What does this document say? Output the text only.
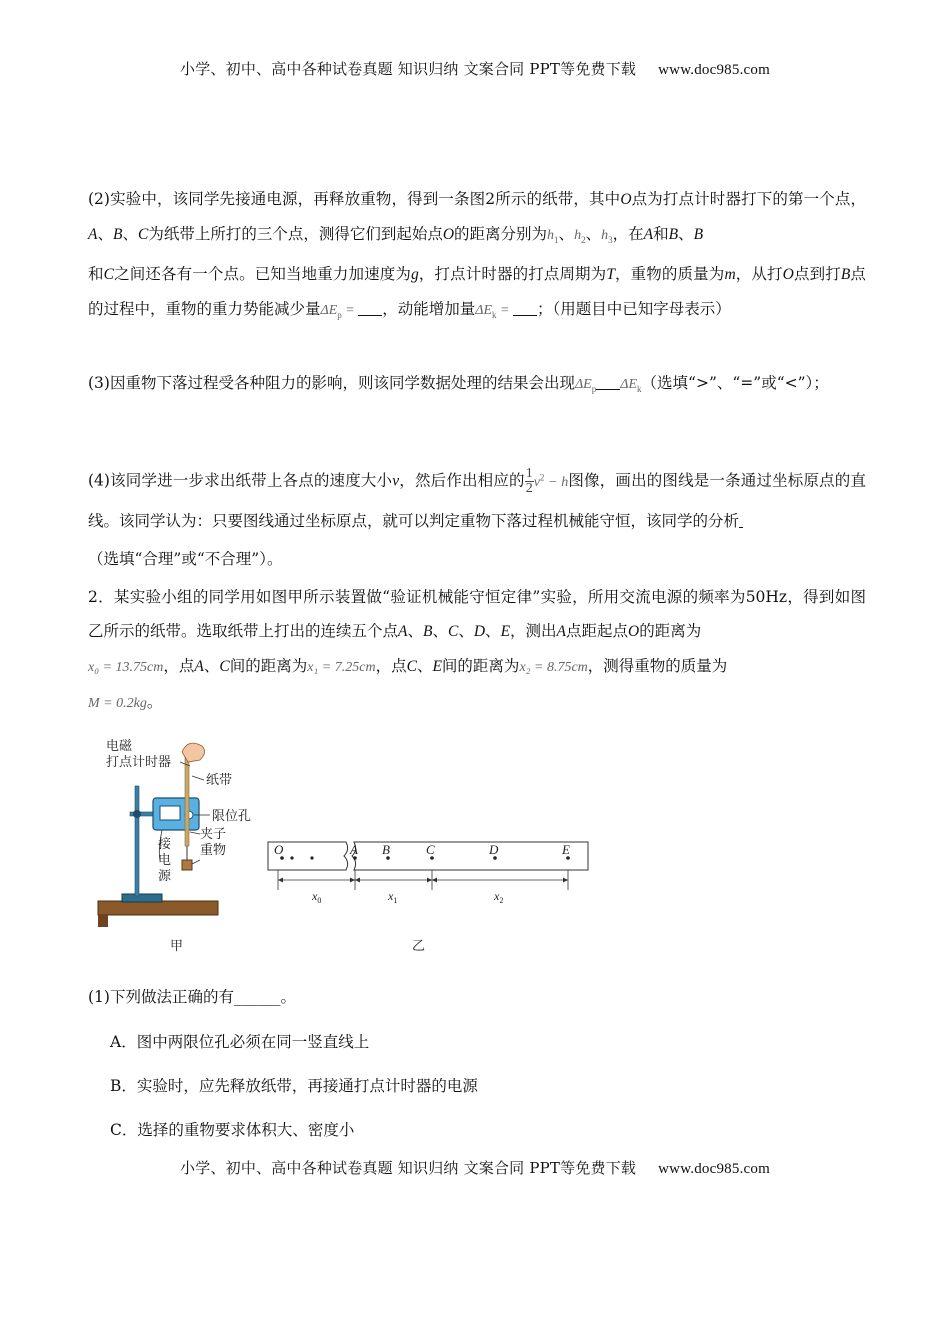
小学、初中、高中各种试卷真题 知识归纳 文案合同 PPT等免费下载 www.doc985.com
(2)实验中，该同学先接通电源，再释放重物，得到一条图2所示的纸带，其中O点为打点计时器打下的第一个点，A、B、C为纸带上所打的三个点，测得它们到起始点O的距离分别为$h_1$、$h_2$、$h_3$，在A和B、B
和C之间还各有一个点。已知当地重力加速度为g，打点计时器的打点周期为T，重物的质量为m，从打O点到打B点的过程中，重物的重力势能减少量$\Delta E_p$ = ，动能增加量$\Delta E_k$ = ；（用题目中已知字母表示）
(3)因重物下落过程受各种阻力的影响，则该同学数据处理的结果会出现$\Delta E_p$ $\Delta E_k$（选填“>”、“=”或“<”）；
(4)该同学进一步求出纸带上各点的速度大小v，然后作出相应的 $\frac{1}{2} v^2 - h$图像，画出的图线是一条通过坐标原点的直线。该同学认为：只要图线通过坐标原点，就可以判定重物下落过程机械能守恒，该同学的分析
（选填“合理”或“不合理”）。
2．某实验小组的同学用如图甲所示装置做“验证机械能守恒定律”实验，所用交流电源的频率为50Hz，得到如图乙所示的纸带。选取纸带上打出的连续五个点A、B、C、D、E，测出A点距起点O的距离为
x₀ = 13.75cm，点A、C间的距离为x₁ = 7.25cm，点C、E间的距离为x₂ = 8.75cm，测得重物的质量为
M = 0.2kg。
电磁
打点计时器
纸带
限位孔
夹子
重物
接
电
源
甲
O	A B	C	D	E
$x_0$	$x_1$	$x_2$
乙
(1)下列做法正确的有______。
A．图中两限位孔必须在同一竖直线上
B．实验时，应先释放纸带，再接通打点计时器的电源
C．选择的重物要求体积大、密度小
小学、初中、高中各种试卷真题 知识归纳 文案合同 PPT等免费下载 www.doc985.com
